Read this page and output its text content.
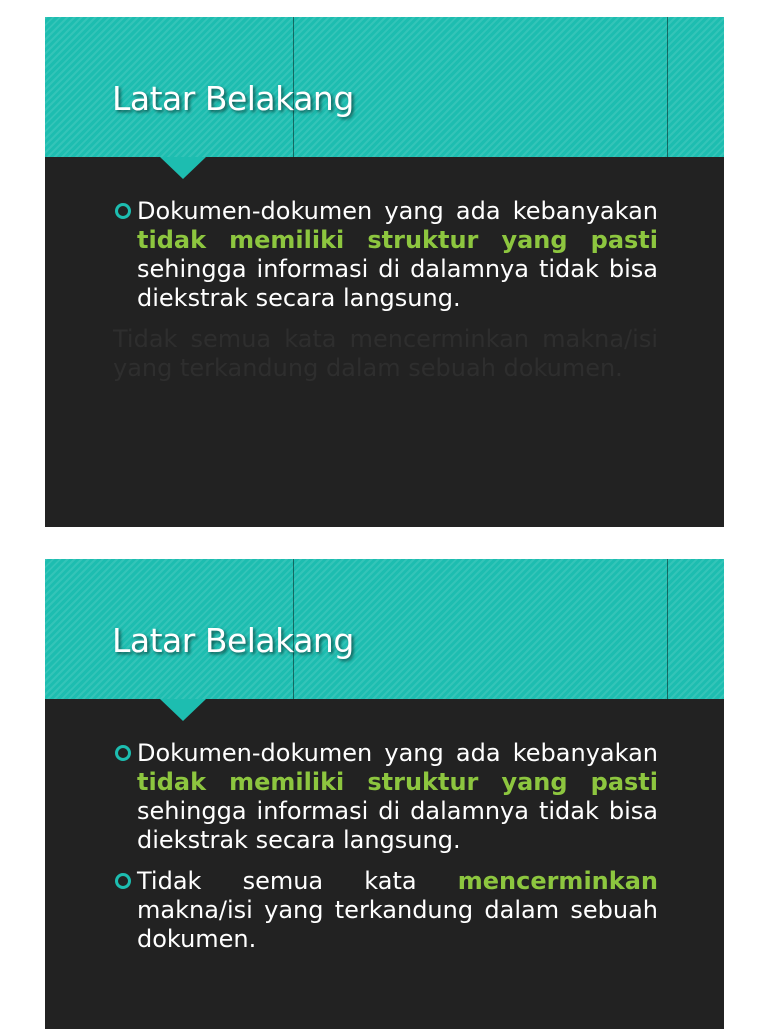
Latar Belakang
Dokumen-dokumen yang ada kebanyakan tidak memiliki struktur yang pasti sehingga informasi di dalamnya tidak bisa diekstrak secara langsung.
Tidak semua kata mencerminkan makna/isi yang terkandung dalam sebuah dokumen.
Latar Belakang
Dokumen-dokumen yang ada kebanyakan tidak memiliki struktur yang pasti sehingga informasi di dalamnya tidak bisa diekstrak secara langsung.
Tidak semua kata mencerminkan makna/isi yang terkandung dalam sebuah dokumen.
